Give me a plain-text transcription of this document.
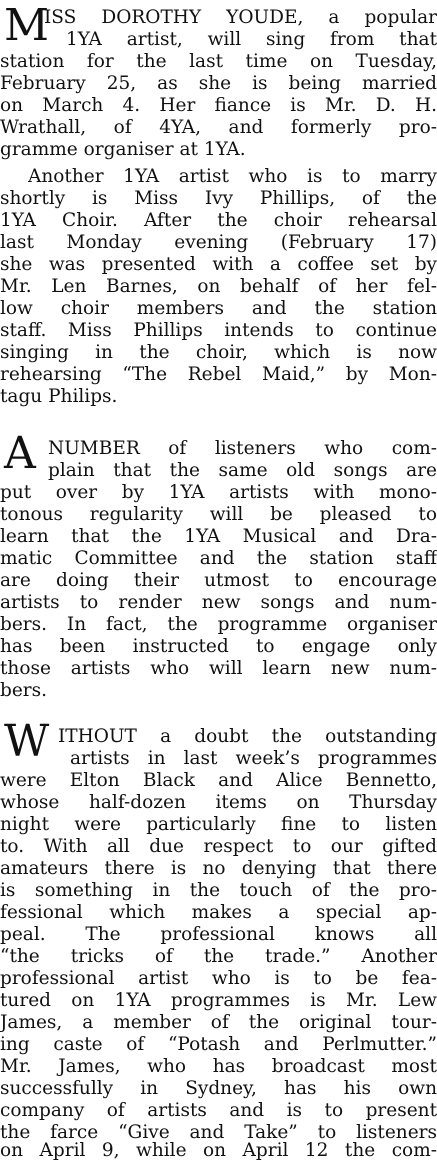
M
ISS DOROTHY YOUDE, a popular
1YA artist, will sing from that
station for the last time on Tuesday,
February 25, as she is being married
on March 4. Her fiance is Mr. D. H.
Wrathall, of 4YA, and formerly pro-
gramme organiser at 1YA.
Another 1YA artist who is to marry
shortly is Miss Ivy Phillips, of the
1YA Choir. After the choir rehearsal
last Monday evening (February 17)
she was presented with a coffee set by
Mr. Len Barnes, on behalf of her fel-
low choir members and the station
staff. Miss Phillips intends to continue
singing in the choir, which is now
rehearsing “The Rebel Maid,” by Mon-
tagu Philips.
A NUMBER of listeners who com-
plain that the same old songs are
put over by 1YA artists with mono-
tonous regularity will be pleased to
learn that the 1YA Musical and Dra-
matic Committee and the station staff
are doing their utmost to encourage
artists to render new songs and num-
bers. In fact, the programme organiser
has been instructed to engage only
those artists who will learn new num-
bers.
W ITHOUT a doubt the outstanding
artists in last week’s programmes
were Elton Black and Alice Bennetto,
whose half-dozen items on Thursday
night were particularly fine to listen
to. With all due respect to our gifted
amateurs there is no denying that there
is something in the touch of the pro-
fessional which makes a special ap-
peal. The professional knows all
“the tricks of the trade.” Another
professional artist who is to be fea-
tured on 1YA programmes is Mr. Lew
James, a member of the original tour-
ing caste of “Potash and Perlmutter.”
Mr. James, who has broadcast most
successfully in Sydney, has his own
company of artists and is to present
the farce “Give and Take” to listeners
on April 9, while on April 12 the com-
